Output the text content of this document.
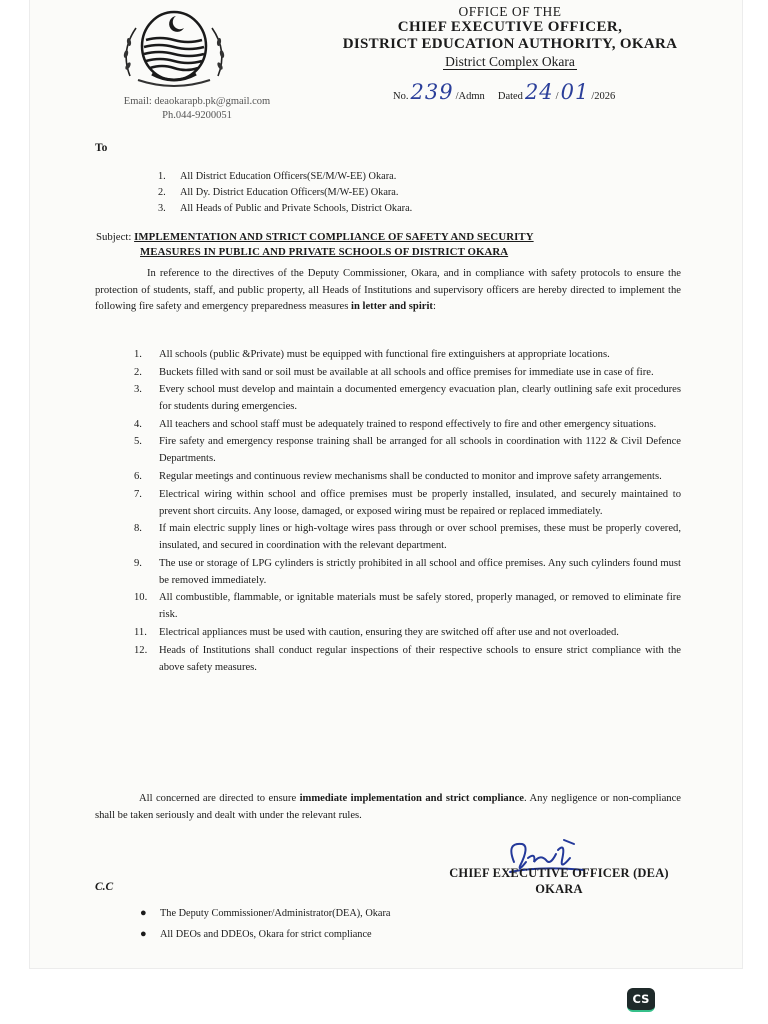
Email: deaokarapb.pk@gmail.com
Ph.044-9200051
OFFICE OF THE
CHIEF EXECUTIVE OFFICER,
DISTRICT EDUCATION AUTHORITY, OKARA
District Complex Okara
No.239 /Admn Dated24 /01 /2026
To
1. All District Education Officers(SE/M/W-EE) Okara.
2. All Dy. District Education Officers(M/W-EE) Okara.
3. All Heads of Public and Private Schools, District Okara.
Subject: IMPLEMENTATION AND STRICT COMPLIANCE OF SAFETY AND SECURITY
MEASURES IN PUBLIC AND PRIVATE SCHOOLS OF DISTRICT OKARA

In reference to the directives of the Deputy Commissioner, Okara, and in compliance with safety protocols to ensure the protection of students, staff, and public property, all Heads of Institutions and supervisory officers are hereby directed to implement the following fire safety and emergency preparedness measures in letter and spirit:

1.	All schools (public &Private) must be equipped with functional fire extinguishers at appropriate locations.
2.	Buckets filled with sand or soil must be available at all schools and office premises for immediate use in case of fire.
3.	Every school must develop and maintain a documented emergency evacuation plan, clearly outlining safe exit procedures for students during emergencies.
4.	All teachers and school staff must be adequately trained to respond effectively to fire and other emergency situations.
5.	Fire safety and emergency response training shall be arranged for all schools in coordination with 1122 & Civil Defence Departments.
6.	Regular meetings and continuous review mechanisms shall be conducted to monitor and improve safety arrangements.
7.	Electrical wiring within school and office premises must be properly installed, insulated, and securely maintained to prevent short circuits. Any loose, damaged, or exposed wiring must be repaired or replaced immediately.
8.	If main electric supply lines or high-voltage wires pass through or over school premises, these must be properly covered, insulated, and secured in coordination with the relevant department.
9.	The use or storage of LPG cylinders is strictly prohibited in all school and office premises. Any such cylinders found must be removed immediately.
10.	All combustible, flammable, or ignitable materials must be safely stored, properly managed, or removed to eliminate fire risk.
11.	Electrical appliances must be used with caution, ensuring they are switched off after use and not overloaded.
12.	Heads of Institutions shall conduct regular inspections of their respective schools to ensure strict compliance with the above safety measures.

All concerned are directed to ensure immediate implementation and strict compliance. Any negligence or non-compliance shall be taken seriously and dealt with under the relevant rules.

CHIEF EXECUTIVE OFFICER (DEA)
OKARA
C.C
● The Deputy Commissioner/Administrator(DEA), Okara
● All DEOs and DDEOs, Okara for strict compliance
CS
